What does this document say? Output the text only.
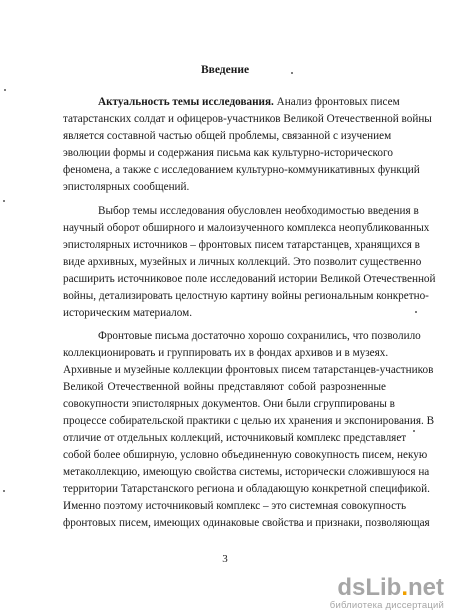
Введение
Актуальность темы исследования. Анализ фронтовых писем
татарстанских солдат и офицеров-участников Великой Отечественной войны
является составной частью общей проблемы, связанной с изучением
эволюции формы и содержания письма как культурно-исторического
феномена, а также с исследованием культурно-коммуникативных функций
эпистолярных сообщений.
Выбор темы исследования обусловлен необходимостью введения в
научный оборот обширного и малоизученного комплекса неопубликованных
эпистолярных источников – фронтовых писем татарстанцев, хранящихся в
виде архивных, музейных и личных коллекций. Это позволит существенно
расширить источниковое поле исследований истории Великой Отечественной
войны, детализировать целостную картину войны региональным конкретно-
историческим материалом.
Фронтовые письма достаточно хорошо сохранились, что позволило
коллекционировать и группировать их в фондах архивов и в музеях.
Архивные и музейные коллекции фронтовых писем татарстанцев-участников
Великой Отечественной войны представляют собой разрозненные
совокупности эпистолярных документов. Они были сгруппированы в
процессе собирательской практики с целью их хранения и экспонирования. В
отличие от отдельных коллекций, источниковый комплекс представляет
собой более обширную, условно объединенную совокупность писем, некую
метаколлекцию, имеющую свойства системы, исторически сложившуюся на
территории Татарстанского региона и обладающую конкретной спецификой.
Именно поэтому источниковый комплекс – это системная совокупность
фронтовых писем, имеющих одинаковые свойства и признаки, позволяющая
3
dsLib.net
библиотека диссертаций
